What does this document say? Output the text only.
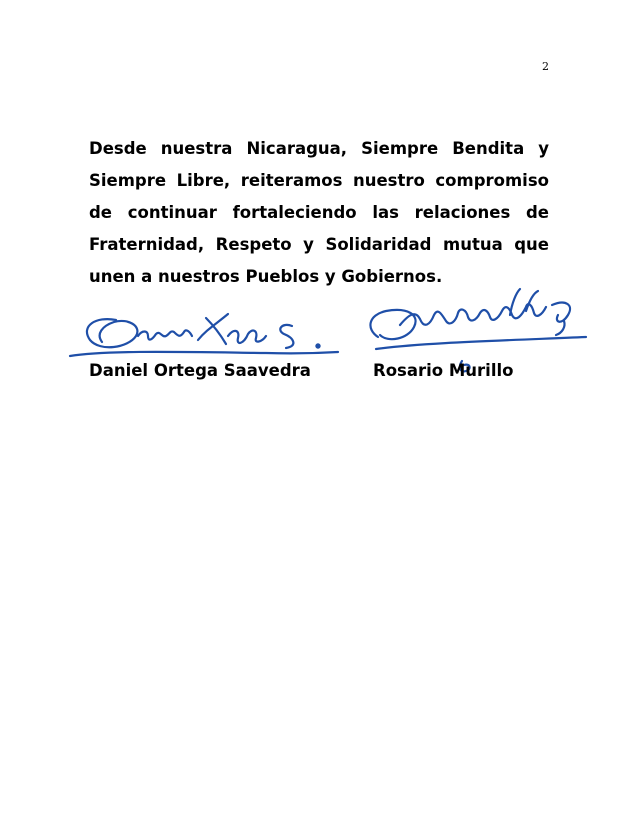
2

Desde nuestra Nicaragua, Siempre Bendita y Siempre Libre, reiteramos nuestro compromiso de continuar fortaleciendo las relaciones de Fraternidad, Respeto y Solidaridad mutua que unen a nuestros Pueblos y Gobiernos.

Daniel Ortega Saavedra	Rosario Murillo
